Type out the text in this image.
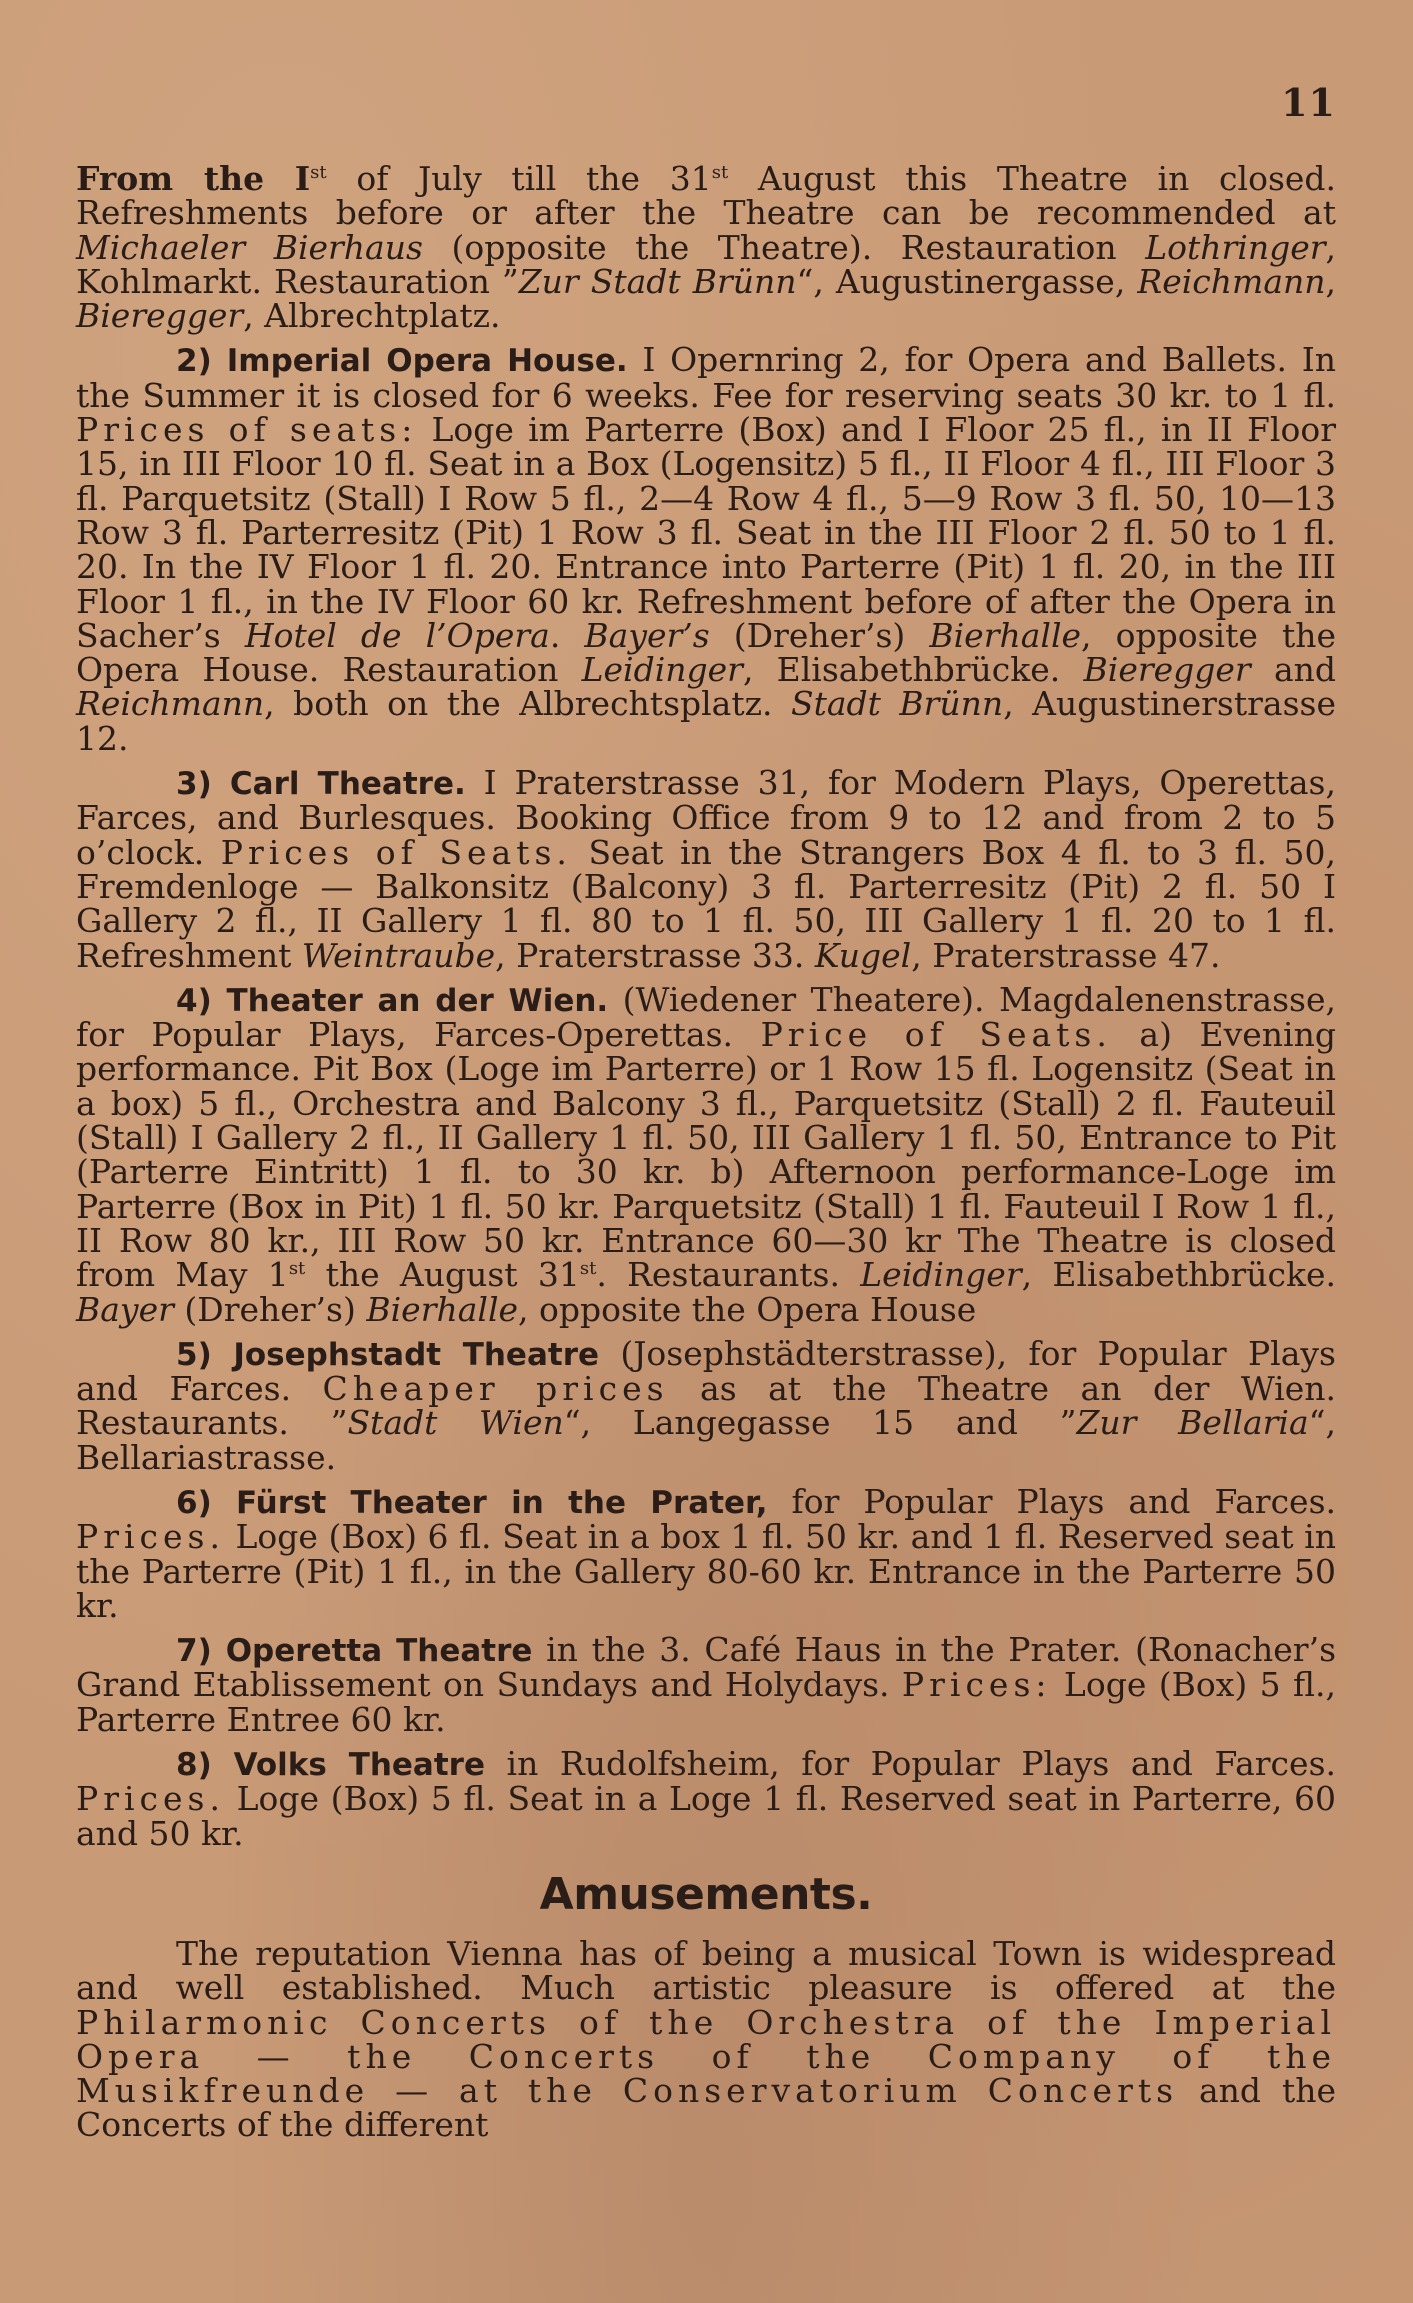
11

From the Ist of July till the 31st August this Theatre in closed. Refreshments before or after the Theatre can be recommended at Michaeler Bierhaus (opposite the Theatre). Restauration Lothringer, Kohlmarkt. Restauration ”Zur Stadt Brünn“, Augustinergasse, Reichmann, Bieregger, Albrechtplatz.

2) Imperial Opera House. I Opernring 2, for Opera and Ballets. In the Summer it is closed for 6 weeks. Fee for reserving seats 30 kr. to 1 fl. Prices of seats: Loge im Parterre (Box) and I Floor 25 fl., in II Floor 15, in III Floor 10 fl. Seat in a Box (Logensitz) 5 fl., II Floor 4 fl., III Floor 3 fl. Parquetsitz (Stall) I Row 5 fl., 2—4 Row 4 fl., 5—9 Row 3 fl. 50, 10—13 Row 3 fl. Parterresitz (Pit) 1 Row 3 fl. Seat in the III Floor 2 fl. 50 to 1 fl. 20. In the IV Floor 1 fl. 20. Entrance into Parterre (Pit) 1 fl. 20, in the III Floor 1 fl., in the IV Floor 60 kr. Refreshment before of after the Opera in Sacher’s Hotel de l’Opera. Bayer’s (Dreher’s) Bierhalle, opposite the Opera House. Restauration Leidinger, Elisabethbrücke. Bieregger and Reichmann, both on the Albrechtsplatz. Stadt Brünn, Augustinerstrasse 12.

3) Carl Theatre. I Praterstrasse 31, for Modern Plays, Operettas, Farces, and Burlesques. Booking Office from 9 to 12 and from 2 to 5 o’clock. Prices of Seats. Seat in the Strangers Box 4 fl. to 3 fl. 50, Fremdenloge — Balkonsitz (Balcony) 3 fl. Parterresitz (Pit) 2 fl. 50 I Gallery 2 fl., II Gallery 1 fl. 80 to 1 fl. 50, III Gallery 1 fl. 20 to 1 fl. Refreshment Weintraube, Praterstrasse 33. Kugel, Praterstrasse 47.

4) Theater an der Wien. (Wiedener Theatere). Magdalenenstrasse, for Popular Plays, Farces-Operettas. Price of Seats. a) Evening performance. Pit Box (Loge im Parterre) or 1 Row 15 fl. Logensitz (Seat in a box) 5 fl., Orchestra and Balcony 3 fl., Parquetsitz (Stall) 2 fl. Fauteuil (Stall) I Gallery 2 fl., II Gallery 1 fl. 50, III Gallery 1 fl. 50, Entrance to Pit (Parterre Eintritt) 1 fl. to 30 kr. b) Afternoon performance-Loge im Parterre (Box in Pit) 1 fl. 50 kr. Parquetsitz (Stall) 1 fl. Fauteuil I Row 1 fl., II Row 80 kr., III Row 50 kr. Entrance 60—30 kr The Theatre is closed from May 1st the August 31st. Restaurants. Leidinger, Elisabethbrücke. Bayer (Dreher’s) Bierhalle, opposite the Opera House

5) Josephstadt Theatre (Josephstädterstrasse), for Popular Plays and Farces. Cheaper prices as at the Theatre an der Wien. Restaurants. ”Stadt Wien“, Langegasse 15 and ”Zur Bellaria“, Bellariastrasse.

6) Fürst Theater in the Prater, for Popular Plays and Farces. Prices. Loge (Box) 6 fl. Seat in a box 1 fl. 50 kr. and 1 fl. Reserved seat in the Parterre (Pit) 1 fl., in the Gallery 80-60 kr. Entrance in the Parterre 50 kr.

7) Operetta Theatre in the 3. Café Haus in the Prater. (Ronacher’s Grand Etablissement on Sundays and Holydays. Prices: Loge (Box) 5 fl., Parterre Entree 60 kr.

8) Volks Theatre in Rudolfsheim, for Popular Plays and Farces. Prices. Loge (Box) 5 fl. Seat in a Loge 1 fl. Reserved seat in Parterre, 60 and 50 kr.

Amusements.

The reputation Vienna has of being a musical Town is widespread and well established. Much artistic pleasure is offered at the Philarmonic Concerts of the Orchestra of the Imperial Opera — the Concerts of the Company of the Musikfreunde — at the Conservatorium Concerts and the Concerts of the different
